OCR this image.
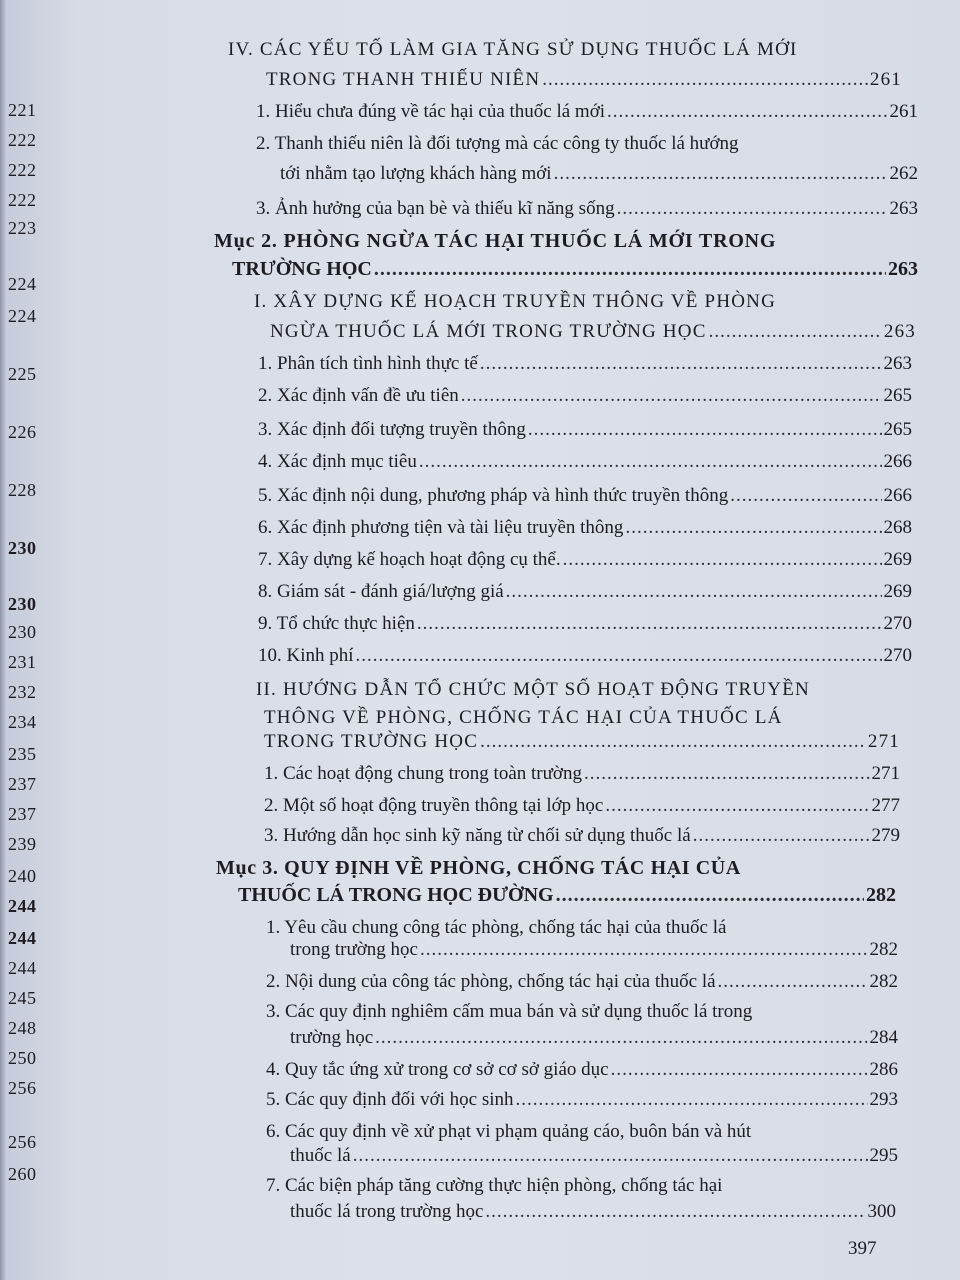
221
222
222
222
223
224
224
225
226
228
230
230
230
231
232
234
235
237
237
239
240
244
244
244
245
248
250
256
256
260
IV. CÁC YẾU TỐ LÀM GIA TĂNG SỬ DỤNG THUỐC LÁ MỚI
TRONG THANH THIẾU NIÊN .....	261
1. Hiểu chưa đúng về tác hại của thuốc lá mới .....	261
2. Thanh thiếu niên là đối tượng mà các công ty thuốc lá hướng
tới nhằm tạo lượng khách hàng mới .....	262
3. Ảnh hưởng của bạn bè và thiếu kĩ năng sống .....	263
Mục 2. PHÒNG NGỪA TÁC HẠI THUỐC LÁ MỚI TRONG
TRƯỜNG HỌC .....	263
I. XÂY DỰNG KẾ HOẠCH TRUYỀN THÔNG VỀ PHÒNG
NGỪA THUỐC LÁ MỚI TRONG TRƯỜNG HỌC .....	263
1. Phân tích tình hình thực tế .....	263
2. Xác định vấn đề ưu tiên .....	265
3. Xác định đối tượng truyền thông .....	265
4. Xác định mục tiêu .....	266
5. Xác định nội dung, phương pháp và hình thức truyền thông .....	266
6. Xác định phương tiện và tài liệu truyền thông .....	268
7. Xây dựng kế hoạch hoạt động cụ thể. .....	269
8. Giám sát - đánh giá/lượng giá .....	269
9. Tổ chức thực hiện .....	270
10. Kinh phí .....	270
II. HƯỚNG DẪN TỔ CHỨC MỘT SỐ HOẠT ĐỘNG TRUYỀN
THÔNG VỀ PHÒNG, CHỐNG TÁC HẠI CỦA THUỐC LÁ
TRONG TRƯỜNG HỌC .....	271
1. Các hoạt động chung trong toàn trường .....	271
2. Một số hoạt động truyền thông tại lớp học .....	277
3. Hướng dẫn học sinh kỹ năng từ chối sử dụng thuốc lá .....	279
Mục 3. QUY ĐỊNH VỀ PHÒNG, CHỐNG TÁC HẠI CỦA
THUỐC LÁ TRONG HỌC ĐƯỜNG .....	282
1. Yêu cầu chung công tác phòng, chống tác hại của thuốc lá
trong trường học .....	282
2. Nội dung của công tác phòng, chống tác hại của thuốc lá .....	282
3. Các quy định nghiêm cấm mua bán và sử dụng thuốc lá trong
trường học .....	284
4. Quy tắc ứng xử trong cơ sở cơ sở giáo dục .....	286
5. Các quy định đối với học sinh .....	293
6. Các quy định về xử phạt vi phạm quảng cáo, buôn bán và hút
thuốc lá .....	295
7. Các biện pháp tăng cường thực hiện phòng, chống tác hại
thuốc lá trong trường học .....	300
397
